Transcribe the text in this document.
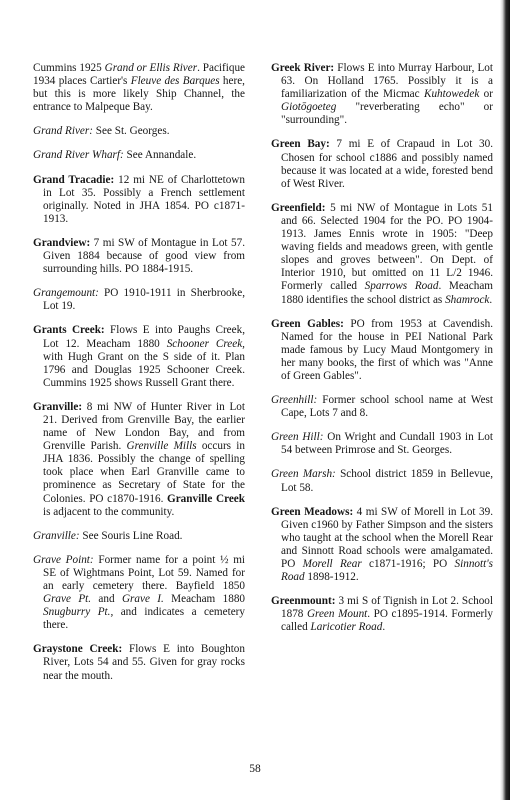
Cummins 1925 Grand or Ellis River. Pacifique 1934 places Cartier's Fleuve des Barques here, but this is more likely Ship Channel, the entrance to Malpeque Bay.

Grand River: See St. Georges.

Grand River Wharf: See Annandale.

Grand Tracadie: 12 mi NE of Charlottetown in Lot 35. Possibly a French settlement originally. Noted in JHA 1854. PO c1871-1913.

Grandview: 7 mi SW of Montague in Lot 57. Given 1884 because of good view from surrounding hills. PO 1884-1915.

Grangemount: PO 1910-1911 in Sherbrooke, Lot 19.

Grants Creek: Flows E into Paughs Creek, Lot 12. Meacham 1880 Schooner Creek, with Hugh Grant on the S side of it. Plan 1796 and Douglas 1925 Schooner Creek. Cummins 1925 shows Russell Grant there.

Granville: 8 mi NW of Hunter River in Lot 21. Derived from Grenville Bay, the earlier name of New London Bay, and from Grenville Parish. Grenville Mills occurs in JHA 1836. Possibly the change of spelling took place when Earl Granville came to prominence as Secretary of State for the Colonies. PO c1870-1916. Granville Creek is adjacent to the community.

Granville: See Souris Line Road.

Grave Point: Former name for a point ½ mi SE of Wightmans Point, Lot 59. Named for an early cemetery there. Bayfield 1850 Grave Pt. and Grave I. Meacham 1880 Snugburry Pt., and indicates a cemetery there.

Graystone Creek: Flows E into Boughton River, Lots 54 and 55. Given for gray rocks near the mouth.

Greek River: Flows E into Murray Harbour, Lot 63. On Holland 1765. Possibly it is a familiarization of the Micmac Kuhtowedek or Giotōgoeteg "reverberating echo" or "surrounding".

Green Bay: 7 mi E of Crapaud in Lot 30. Chosen for school c1886 and possibly named because it was located at a wide, forested bend of West River.

Greenfield: 5 mi NW of Montague in Lots 51 and 66. Selected 1904 for the PO. PO 1904-1913. James Ennis wrote in 1905: "Deep waving fields and meadows green, with gentle slopes and groves between". On Dept. of Interior 1910, but omitted on 11 L/2 1946. Formerly called Sparrows Road. Meacham 1880 identifies the school district as Shamrock.

Green Gables: PO from 1953 at Cavendish. Named for the house in PEI National Park made famous by Lucy Maud Montgomery in her many books, the first of which was "Anne of Green Gables".

Greenhill: Former school school name at West Cape, Lots 7 and 8.

Green Hill: On Wright and Cundall 1903 in Lot 54 between Primrose and St. Georges.

Green Marsh: School district 1859 in Bellevue, Lot 58.

Green Meadows: 4 mi SW of Morell in Lot 39. Given c1960 by Father Simpson and the sisters who taught at the school when the Morell Rear and Sinnott Road schools were amalgamated. PO Morell Rear c1871-1916; PO Sinnott's Road 1898-1912.

Greenmount: 3 mi S of Tignish in Lot 2. School 1878 Green Mount. PO c1895-1914. Formerly called Laricotier Road.

58
